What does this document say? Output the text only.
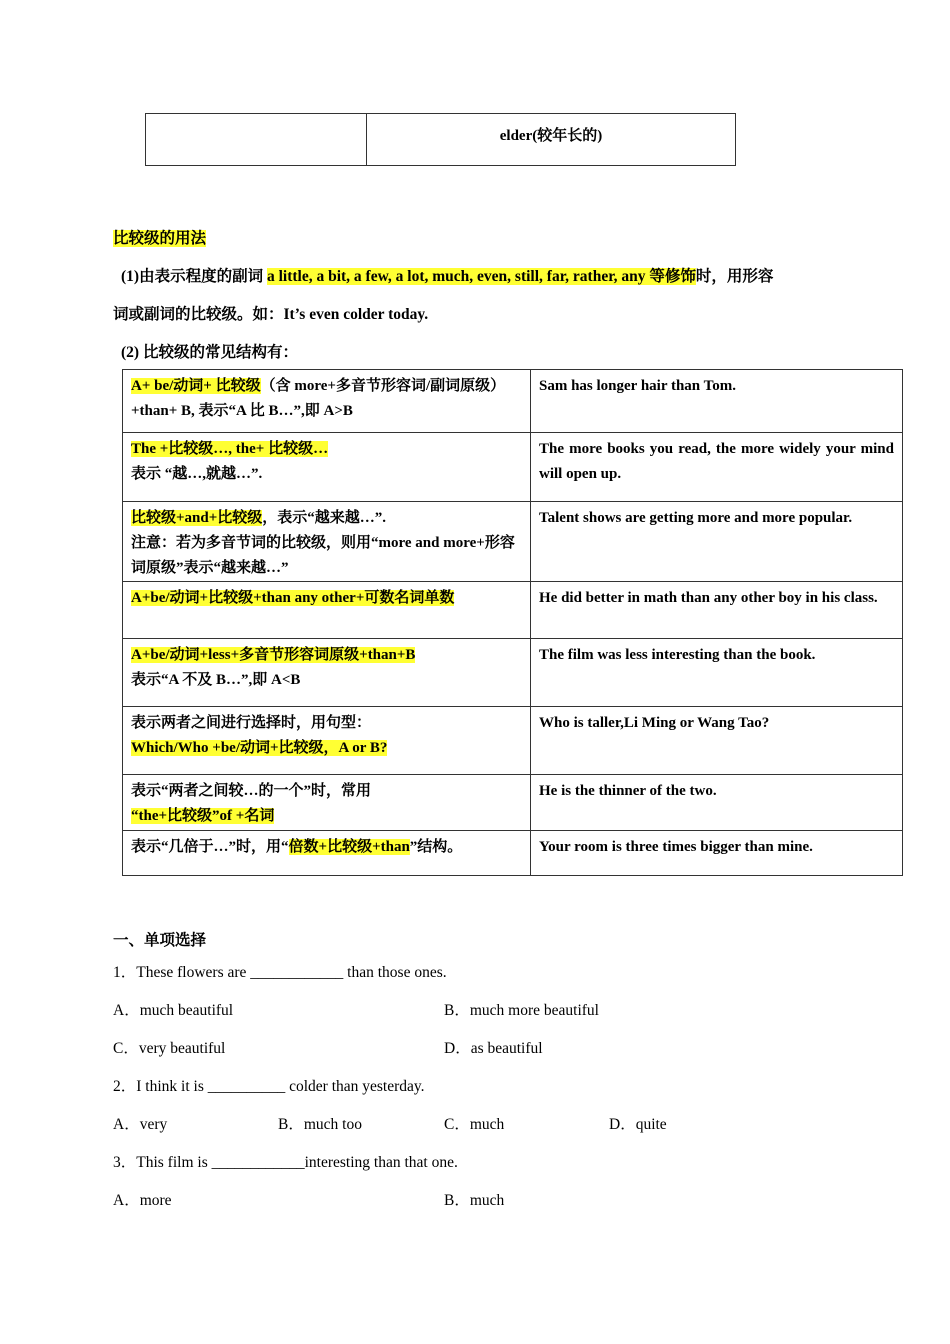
	elder(较年长的)
比较级的用法
(1)由表示程度的副词 a little, a bit, a few, a lot, much, even, still, far, rather, any 等修饰时，用形容
词或副词的比较级。如：It’s even colder today.
(2) 比较级的常见结构有：
A+ be/动词+ 比较级（含 more+多音节形容词/副词原级）+than+ B, 表示“A 比 B…”,即 A>B	Sam has longer hair than Tom.
The +比较级…, the+ 比较级…
表示 “越…,就越…”.	The more books you read, the more widely your mind will open up.
比较级+and+比较级，表示“越来越…”.
注意：若为多音节词的比较级，则用“more and more+形容词原级”表示“越来越…”	Talent shows are getting more and more popular.
A+be/动词+比较级+than any other+可数名词单数	He did better in math than any other boy in his class.
A+be/动词+less+多音节形容词原级+than+B
表示“A 不及 B…”,即 A<B	The film was less interesting than the book.
表示两者之间进行选择时，用句型：
Which/Who +be/动词+比较级，A or B?	Who is taller,Li Ming or Wang Tao?
表示“两者之间较…的一个”时，常用
“the+比较级”of +名词	He is the thinner of the two.
表示“几倍于…”时，用“倍数+比较级+than”结构。	Your room is three times bigger than mine.
一、单项选择
1．These flowers are ____________ than those ones.
A．much beautiful	B．much more beautiful
C．very beautiful	D．as beautiful
2．I think it is __________ colder than yesterday.
A．very	B．much too	C．much	D．quite
3．This film is ____________interesting than that one.
A．more	B．much
